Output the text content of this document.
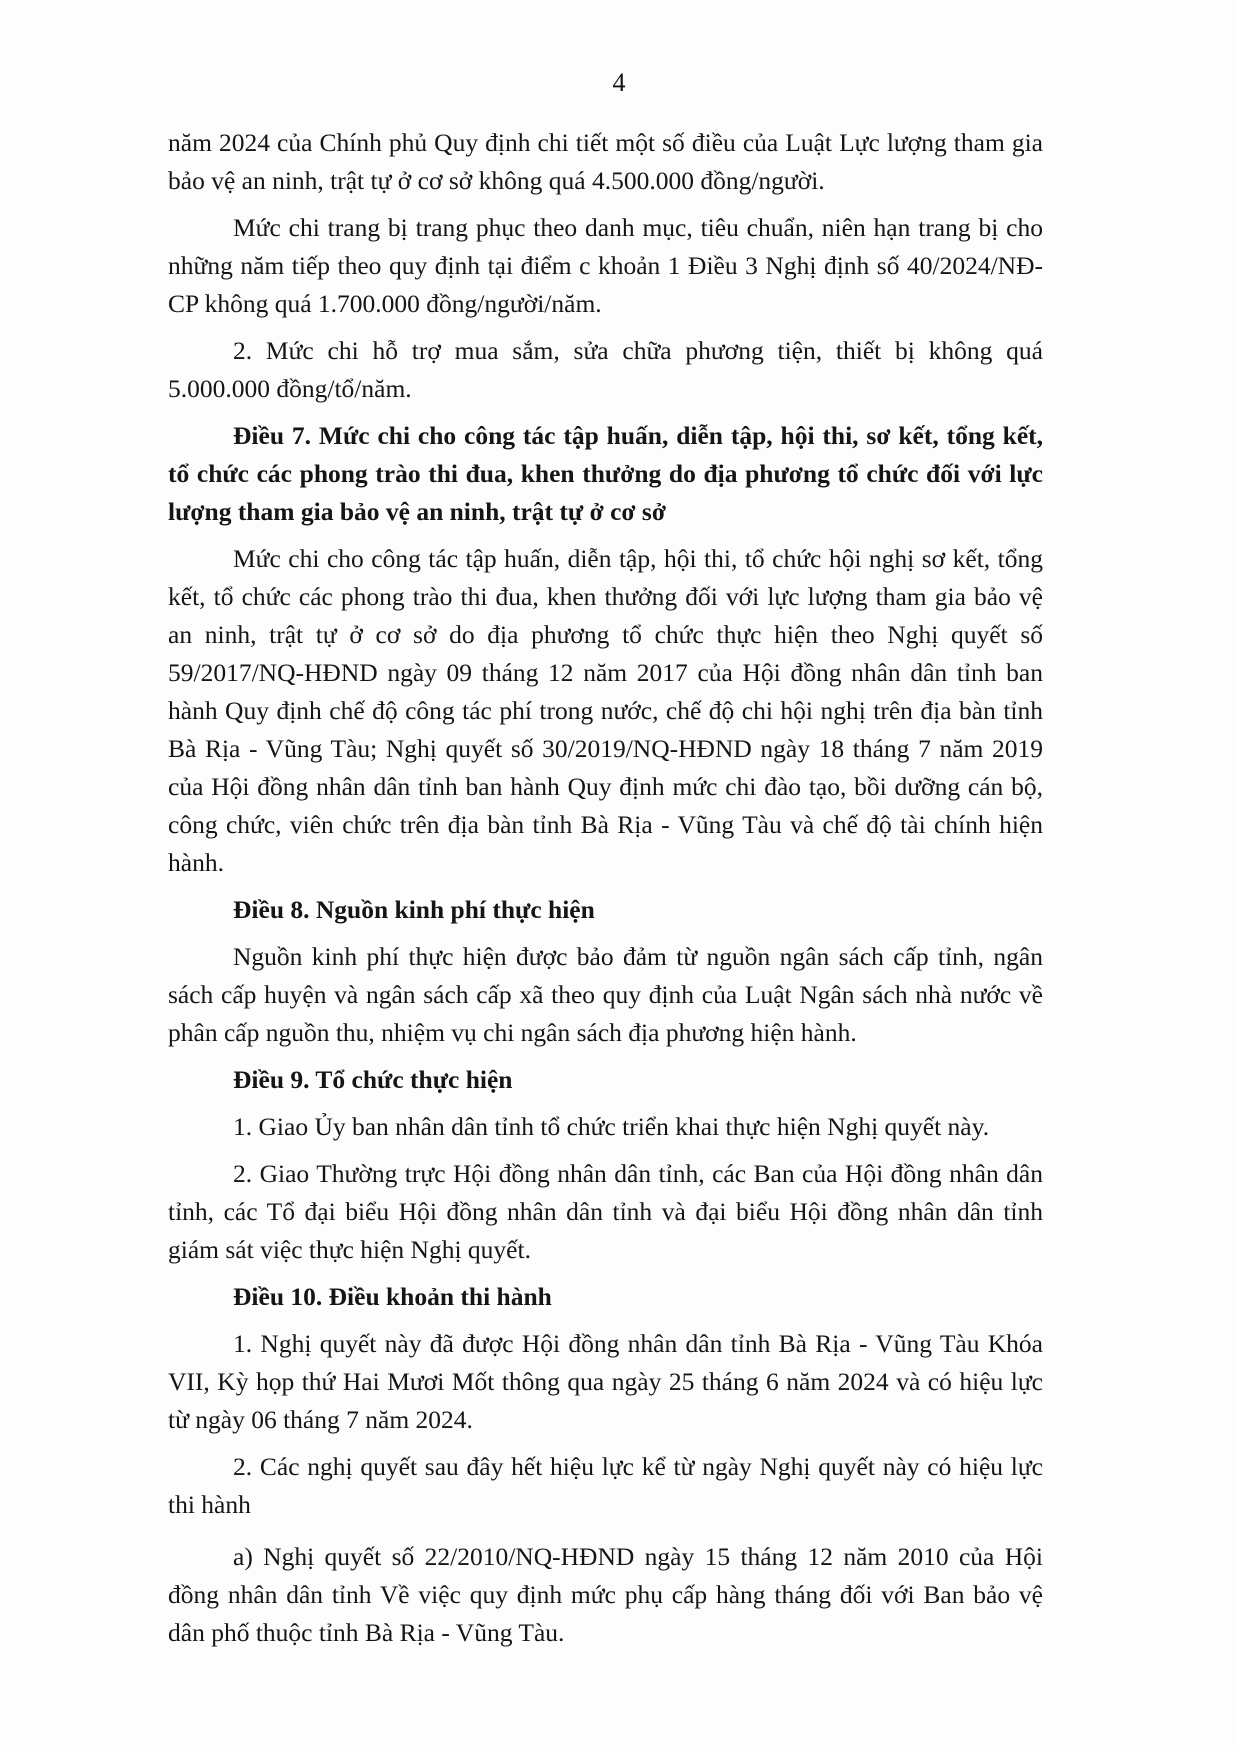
4

năm 2024 của Chính phủ Quy định chi tiết một số điều của Luật Lực lượng tham gia bảo vệ an ninh, trật tự ở cơ sở không quá 4.500.000 đồng/người.

Mức chi trang bị trang phục theo danh mục, tiêu chuẩn, niên hạn trang bị cho những năm tiếp theo quy định tại điểm c khoản 1 Điều 3 Nghị định số 40/2024/NĐ-CP không quá 1.700.000 đồng/người/năm.

2. Mức chi hỗ trợ mua sắm, sửa chữa phương tiện, thiết bị không quá 5.000.000 đồng/tổ/năm.

Điều 7. Mức chi cho công tác tập huấn, diễn tập, hội thi, sơ kết, tổng kết, tổ chức các phong trào thi đua, khen thưởng do địa phương tổ chức đối với lực lượng tham gia bảo vệ an ninh, trật tự ở cơ sở

Mức chi cho công tác tập huấn, diễn tập, hội thi, tổ chức hội nghị sơ kết, tổng kết, tổ chức các phong trào thi đua, khen thưởng đối với lực lượng tham gia bảo vệ an ninh, trật tự ở cơ sở do địa phương tổ chức thực hiện theo Nghị quyết số 59/2017/NQ-HĐND ngày 09 tháng 12 năm 2017 của Hội đồng nhân dân tỉnh ban hành Quy định chế độ công tác phí trong nước, chế độ chi hội nghị trên địa bàn tỉnh Bà Rịa - Vũng Tàu; Nghị quyết số 30/2019/NQ-HĐND ngày 18 tháng 7 năm 2019 của Hội đồng nhân dân tỉnh ban hành Quy định mức chi đào tạo, bồi dưỡng cán bộ, công chức, viên chức trên địa bàn tỉnh Bà Rịa - Vũng Tàu và chế độ tài chính hiện hành.

Điều 8. Nguồn kinh phí thực hiện

Nguồn kinh phí thực hiện được bảo đảm từ nguồn ngân sách cấp tỉnh, ngân sách cấp huyện và ngân sách cấp xã theo quy định của Luật Ngân sách nhà nước về phân cấp nguồn thu, nhiệm vụ chi ngân sách địa phương hiện hành.

Điều 9. Tổ chức thực hiện

1. Giao Ủy ban nhân dân tỉnh tổ chức triển khai thực hiện Nghị quyết này.

2. Giao Thường trực Hội đồng nhân dân tỉnh, các Ban của Hội đồng nhân dân tỉnh, các Tổ đại biểu Hội đồng nhân dân tỉnh và đại biểu Hội đồng nhân dân tỉnh giám sát việc thực hiện Nghị quyết.

Điều 10. Điều khoản thi hành

1. Nghị quyết này đã được Hội đồng nhân dân tỉnh Bà Rịa - Vũng Tàu Khóa VII, Kỳ họp thứ Hai Mươi Mốt thông qua ngày 25 tháng 6 năm 2024 và có hiệu lực từ ngày 06 tháng 7 năm 2024.

2. Các nghị quyết sau đây hết hiệu lực kể từ ngày Nghị quyết này có hiệu lực thi hành

a) Nghị quyết số 22/2010/NQ-HĐND ngày 15 tháng 12 năm 2010 của Hội đồng nhân dân tỉnh Về việc quy định mức phụ cấp hàng tháng đối với Ban bảo vệ dân phố thuộc tỉnh Bà Rịa - Vũng Tàu.
